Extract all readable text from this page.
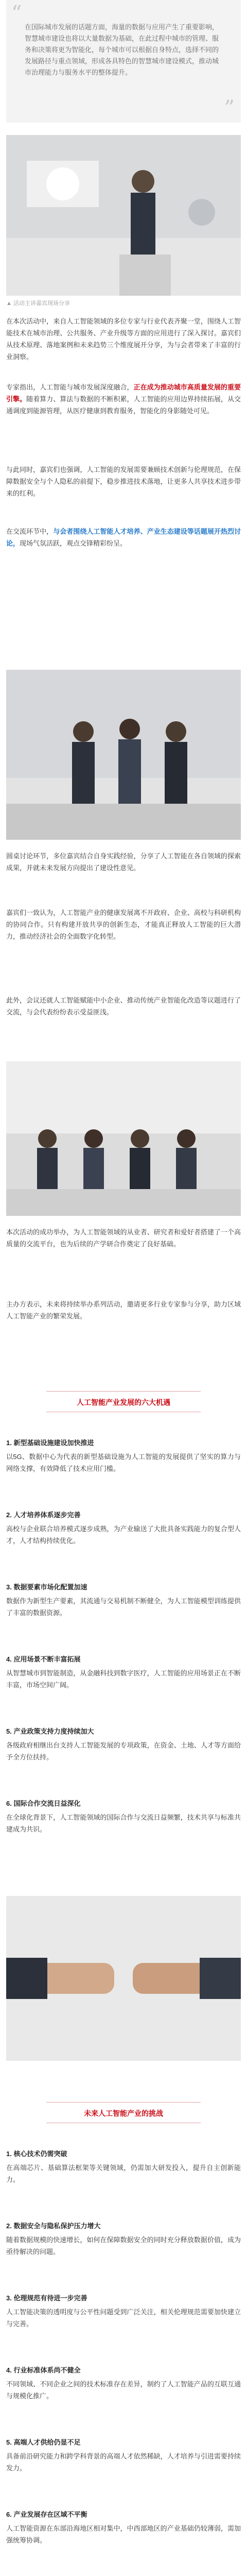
“
在国际城市发展的话题方面，海量的数据与应用产生了重要影响，智慧城市建设也将以大量数据为基础，在此过程中城市的管理、服务和决策将更为智能化，每个城市可以根据自身特点，选择不同的发展路径与重点领域，形成各具特色的智慧城市建设模式，推动城市治理能力与服务水平的整体提升。
”
▲ 活动主讲嘉宾现场分享
在本次活动中，来自人工智能领域的多位专家与行业代表齐聚一堂，围绕人工智能技术在城市治理、公共服务、产业升级等方面的应用进行了深入探讨。嘉宾们从技术原理、落地案例和未来趋势三个维度展开分享，为与会者带来了丰富的行业洞察。
专家指出，人工智能与城市发展深度融合，正在成为推动城市高质量发展的重要引擎。随着算力、算法与数据的不断积累，人工智能的应用边界持续拓展，从交通调度到能源管理，从医疗健康到教育服务，智能化的身影随处可见。
与此同时，嘉宾们也强调，人工智能的发展需要兼顾技术创新与伦理规范，在保障数据安全与个人隐私的前提下，稳步推进技术落地，让更多人共享技术进步带来的红利。
在交流环节中，与会者围绕人工智能人才培养、产业生态建设等话题展开热烈讨论，现场气氛活跃，观点交锋精彩纷呈。
圆桌讨论环节，多位嘉宾结合自身实践经验，分享了人工智能在各自领域的探索成果，并就未来发展方向提出了建设性意见。
嘉宾们一致认为，人工智能产业的健康发展离不开政府、企业、高校与科研机构的协同合作。只有构建开放共享的创新生态，才能真正释放人工智能的巨大潜力，推动经济社会的全面数字化转型。
此外，会议还就人工智能赋能中小企业、推动传统产业智能化改造等议题进行了交流，与会代表纷纷表示受益匪浅。
本次活动的成功举办，为人工智能领域的从业者、研究者和爱好者搭建了一个高质量的交流平台，也为后续的产学研合作奠定了良好基础。
主办方表示，未来将持续举办系列活动，邀请更多行业专家参与分享，助力区域人工智能产业的繁荣发展。
人工智能产业发展的六大机遇
1. 新型基础设施建设加快推进
以5G、数据中心为代表的新型基础设施为人工智能的发展提供了坚实的算力与网络支撑，有效降低了技术应用门槛。
2. 人才培养体系逐步完善
高校与企业联合培养模式逐步成熟，为产业输送了大批具备实践能力的复合型人才，人才结构持续优化。
3. 数据要素市场化配置加速
数据作为新型生产要素，其流通与交易机制不断健全，为人工智能模型训练提供了丰富的数据资源。
4. 应用场景不断丰富拓展
从智慧城市到智能制造，从金融科技到数字医疗，人工智能的应用场景正在不断丰富，市场空间广阔。
5. 产业政策支持力度持续加大
各级政府相继出台支持人工智能发展的专项政策，在资金、土地、人才等方面给予全方位扶持。
6. 国际合作交流日益深化
在全球化背景下，人工智能领域的国际合作与交流日益频繁，技术共享与标准共建成为共识。
未来人工智能产业的挑战
1. 核心技术仍需突破
在高端芯片、基础算法框架等关键领域，仍需加大研发投入，提升自主创新能力。
2. 数据安全与隐私保护压力增大
随着数据规模的快速增长，如何在保障数据安全的同时充分释放数据价值，成为亟待解决的问题。
3. 伦理规范有待进一步完善
人工智能决策的透明度与公平性问题受到广泛关注，相关伦理规范需要加快建立与完善。
4. 行业标准体系尚不健全
不同领域、不同企业之间的技术标准存在差异，制约了人工智能产品的互联互通与规模化推广。
5. 高端人才供给仍显不足
具备前沿研究能力和跨学科背景的高端人才依然稀缺，人才培养与引进需要持续发力。
6. 产业发展存在区域不平衡
人工智能资源在东部沿海地区相对集中，中西部地区的产业基础仍较薄弱，需加强统筹协调。
